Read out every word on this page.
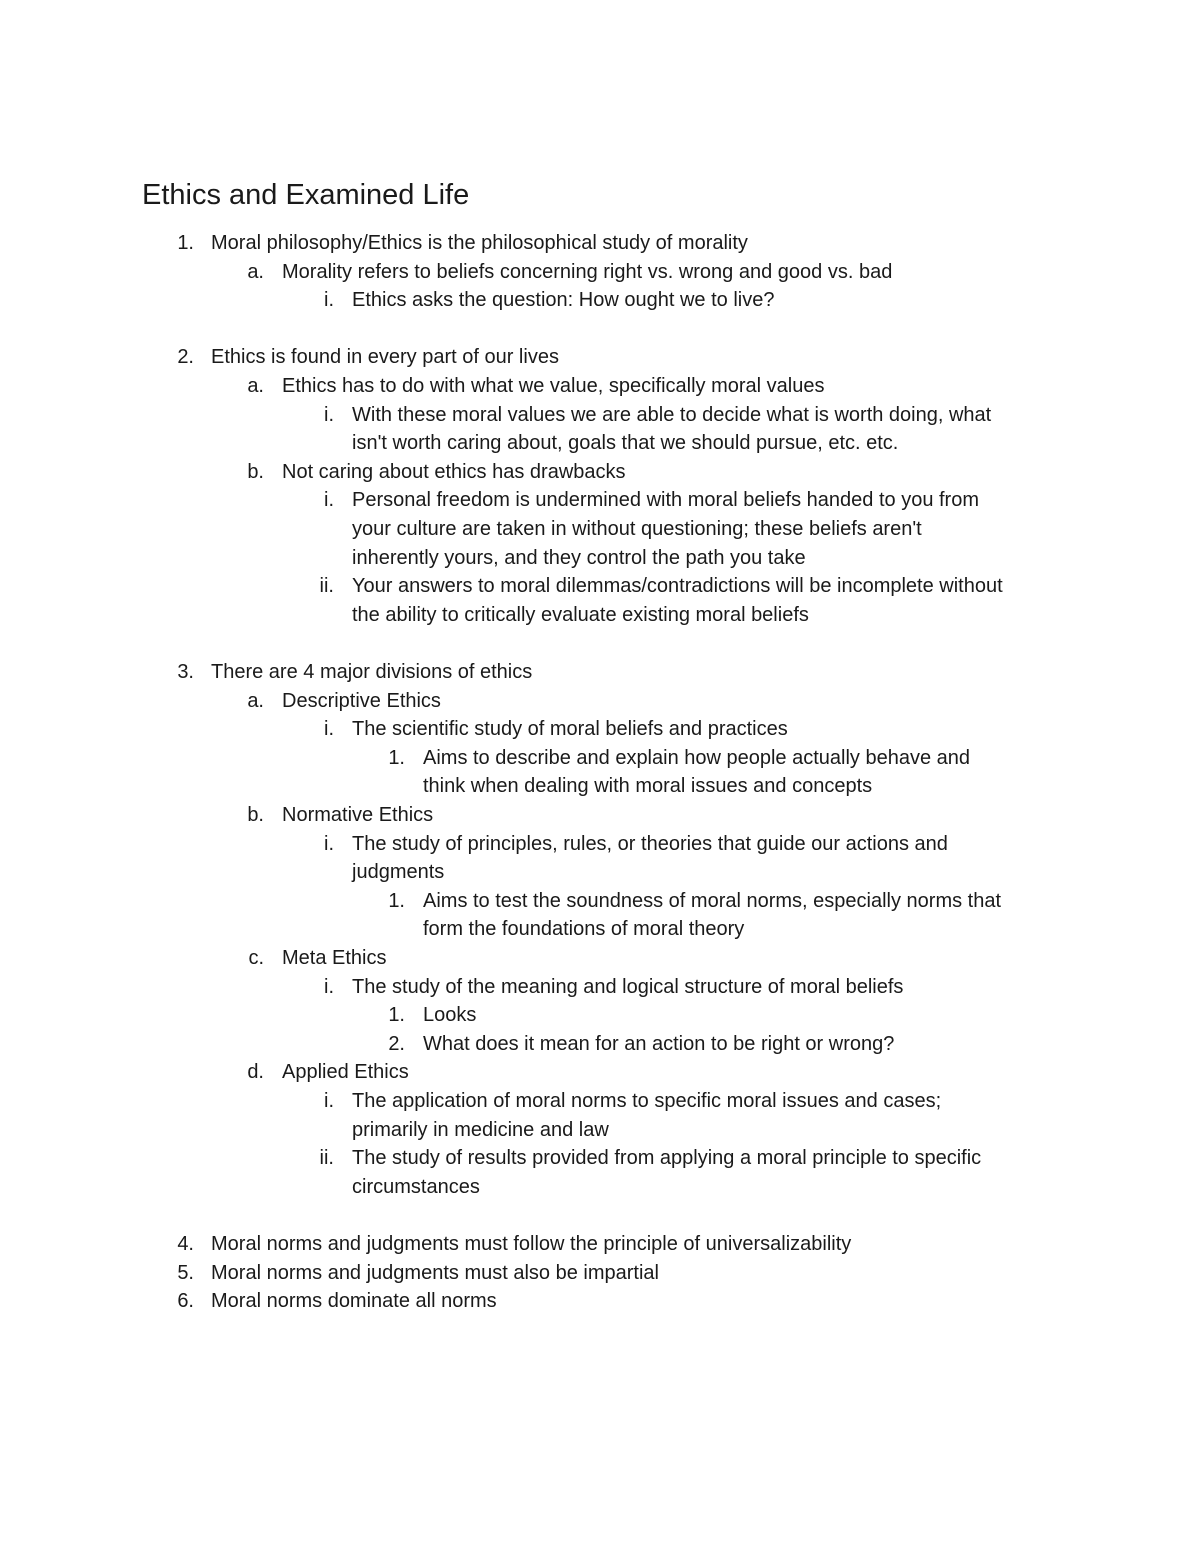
Ethics and Examined Life
1. Moral philosophy/Ethics is the philosophical study of morality
a. Morality refers to beliefs concerning right vs. wrong and good vs. bad
i. Ethics asks the question: How ought we to live?
2. Ethics is found in every part of our lives
a. Ethics has to do with what we value, specifically moral values
i. With these moral values we are able to decide what is worth doing, what
isn't worth caring about, goals that we should pursue, etc. etc.
b. Not caring about ethics has drawbacks
i. Personal freedom is undermined with moral beliefs handed to you from
your culture are taken in without questioning; these beliefs aren't
inherently yours, and they control the path you take
ii. Your answers to moral dilemmas/contradictions will be incomplete without
the ability to critically evaluate existing moral beliefs
3. There are 4 major divisions of ethics
a. Descriptive Ethics
i. The scientific study of moral beliefs and practices
1. Aims to describe and explain how people actually behave and
think when dealing with moral issues and concepts
b. Normative Ethics
i. The study of principles, rules, or theories that guide our actions and
judgments
1. Aims to test the soundness of moral norms, especially norms that
form the foundations of moral theory
c. Meta Ethics
i. The study of the meaning and logical structure of moral beliefs
1. Looks
2. What does it mean for an action to be right or wrong?
d. Applied Ethics
i. The application of moral norms to specific moral issues and cases;
primarily in medicine and law
ii. The study of results provided from applying a moral principle to specific
circumstances
4. Moral norms and judgments must follow the principle of universalizability
5. Moral norms and judgments must also be impartial
6. Moral norms dominate all norms
